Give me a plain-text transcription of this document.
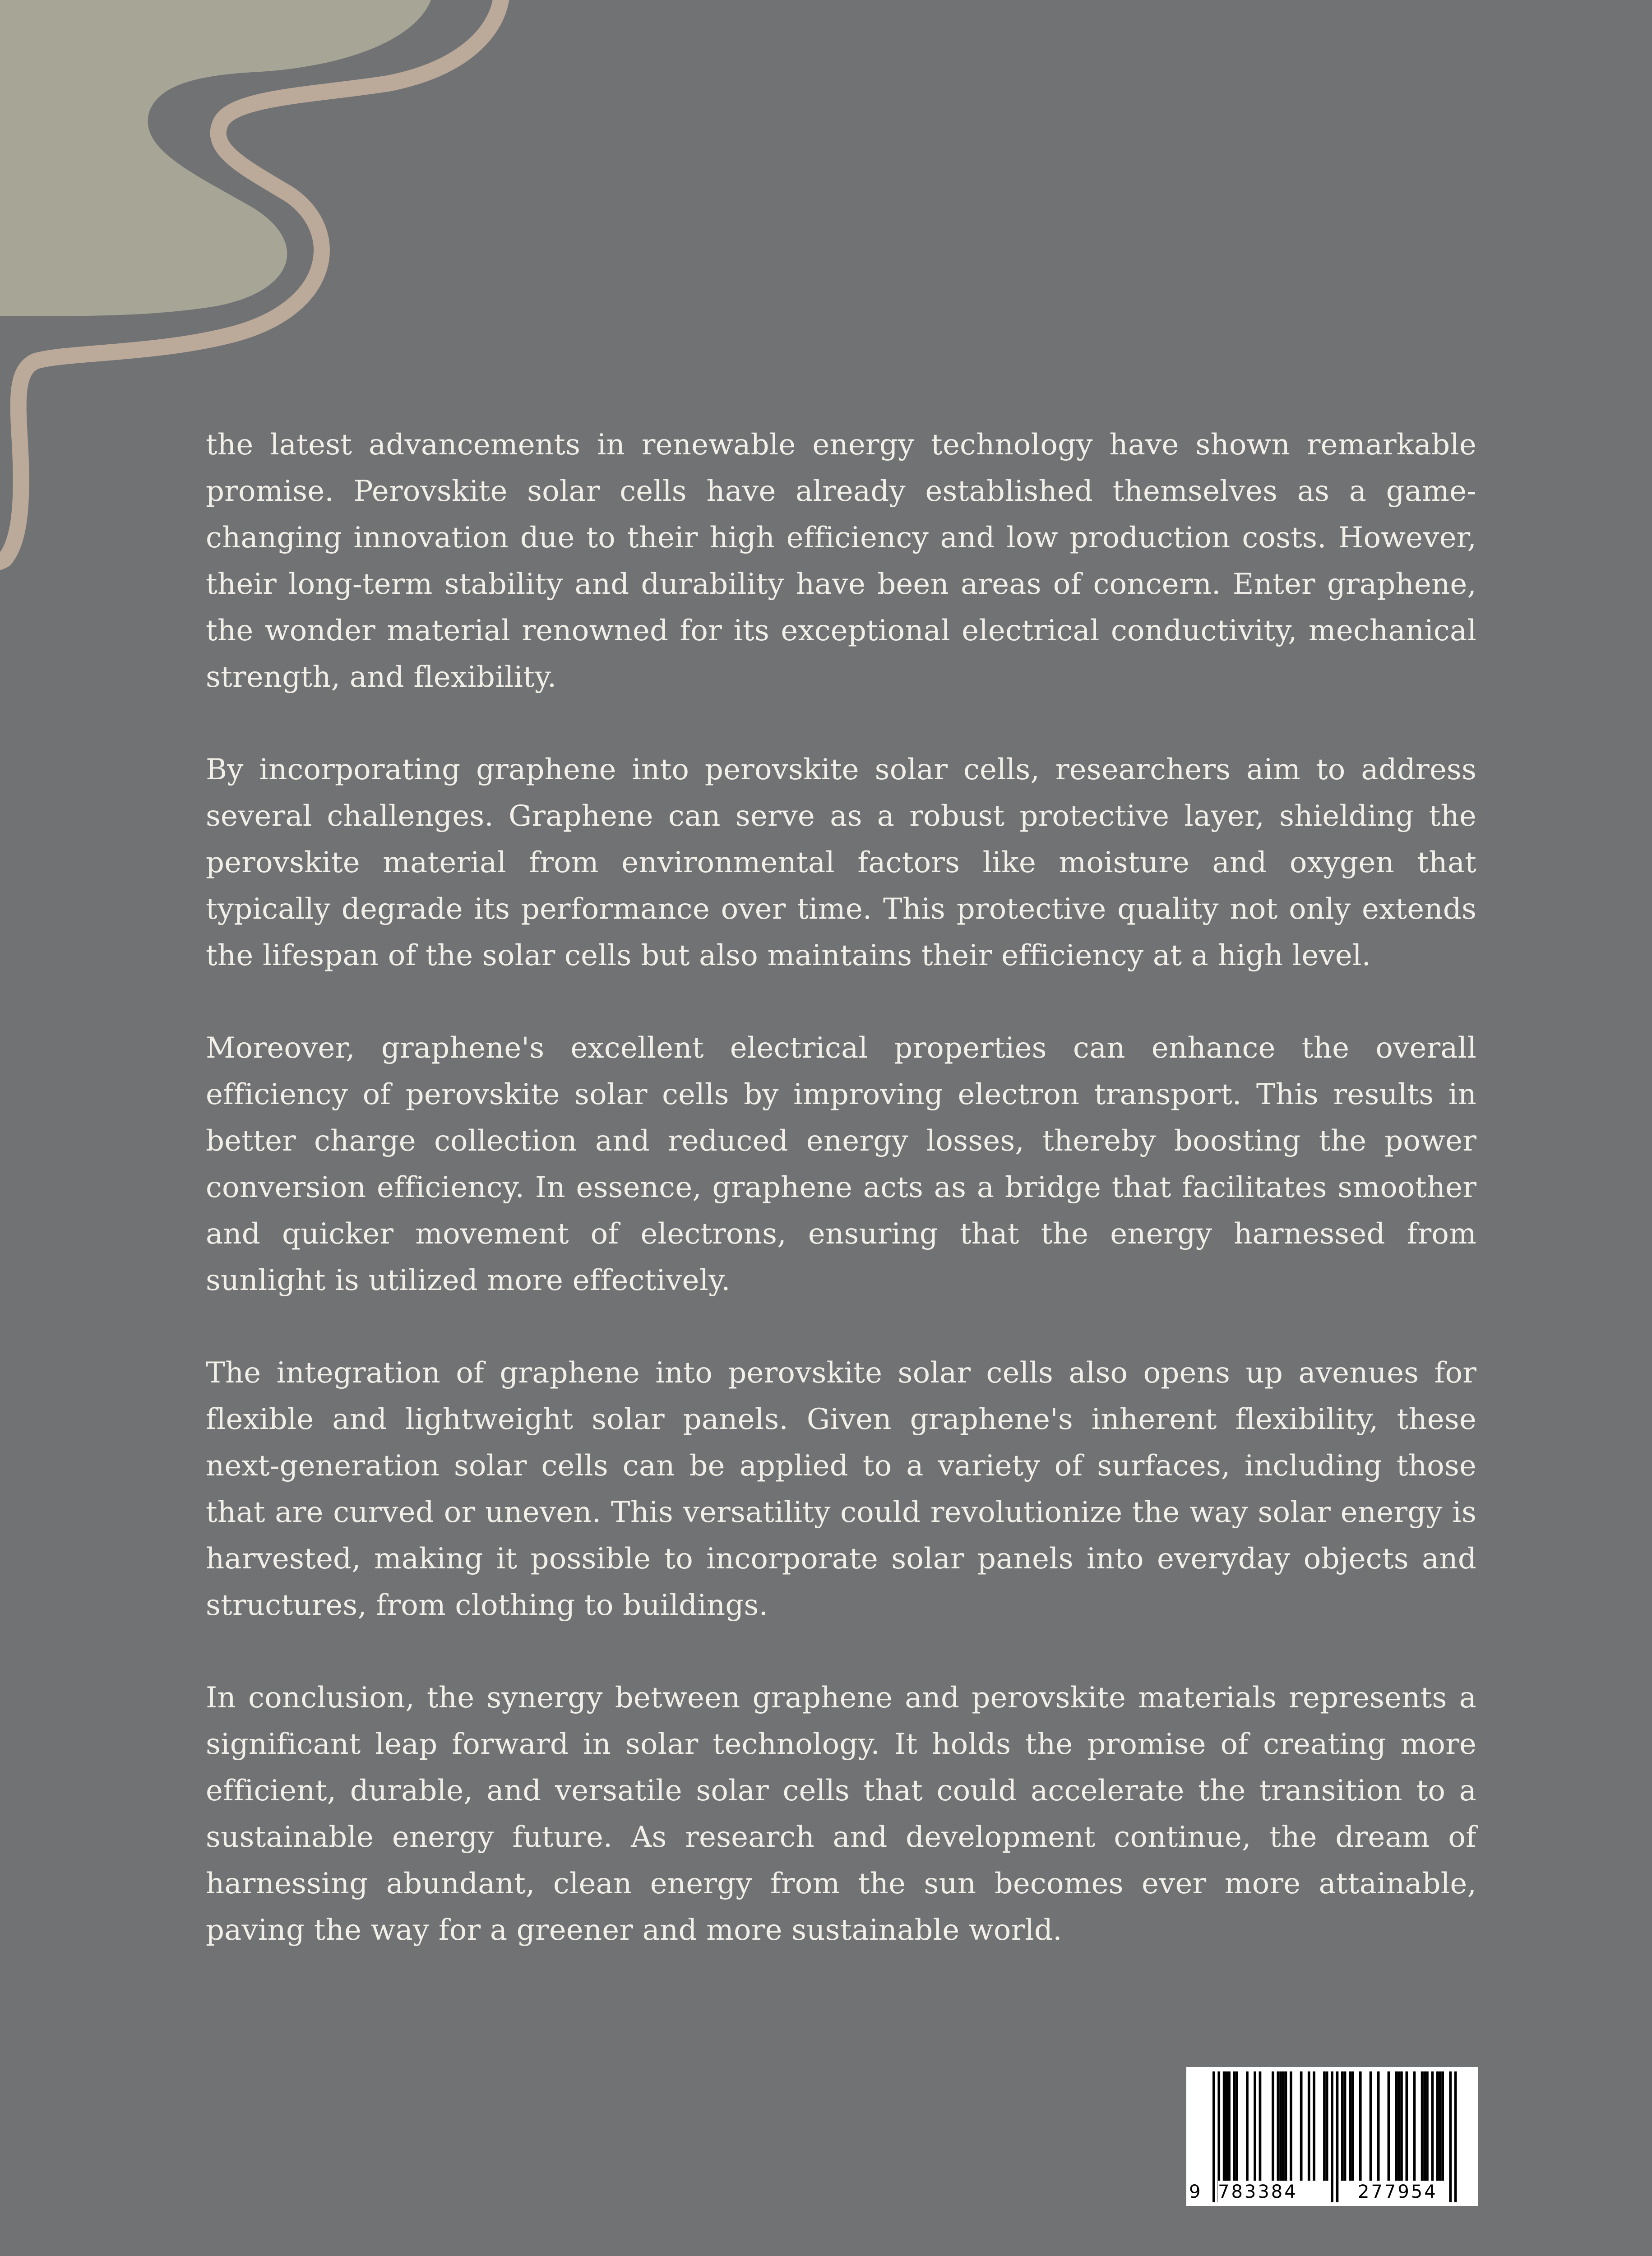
the latest advancements in renewable energy technology have shown remarkable promise. Perovskite solar cells have already established themselves as a game-changing innovation due to their high efficiency and low production costs. However, their long-term stability and durability have been areas of concern. Enter graphene, the wonder material renowned for its exceptional electrical conductivity, mechanical strength, and flexibility.

By incorporating graphene into perovskite solar cells, researchers aim to address several challenges. Graphene can serve as a robust protective layer, shielding the perovskite material from environmental factors like moisture and oxygen that typically degrade its performance over time. This protective quality not only extends the lifespan of the solar cells but also maintains their efficiency at a high level.

Moreover, graphene's excellent electrical properties can enhance the overall efficiency of perovskite solar cells by improving electron transport. This results in better charge collection and reduced energy losses, thereby boosting the power conversion efficiency. In essence, graphene acts as a bridge that facilitates smoother and quicker movement of electrons, ensuring that the energy harnessed from sunlight is utilized more effectively.

The integration of graphene into perovskite solar cells also opens up avenues for flexible and lightweight solar panels. Given graphene's inherent flexibility, these next-generation solar cells can be applied to a variety of surfaces, including those that are curved or uneven. This versatility could revolutionize the way solar energy is harvested, making it possible to incorporate solar panels into everyday objects and structures, from clothing to buildings.

In conclusion, the synergy between graphene and perovskite materials represents a significant leap forward in solar technology. It holds the promise of creating more efficient, durable, and versatile solar cells that could accelerate the transition to a sustainable energy future. As research and development continue, the dream of harnessing abundant, clean energy from the sun becomes ever more attainable, paving the way for a greener and more sustainable world.

9 783384	277954
